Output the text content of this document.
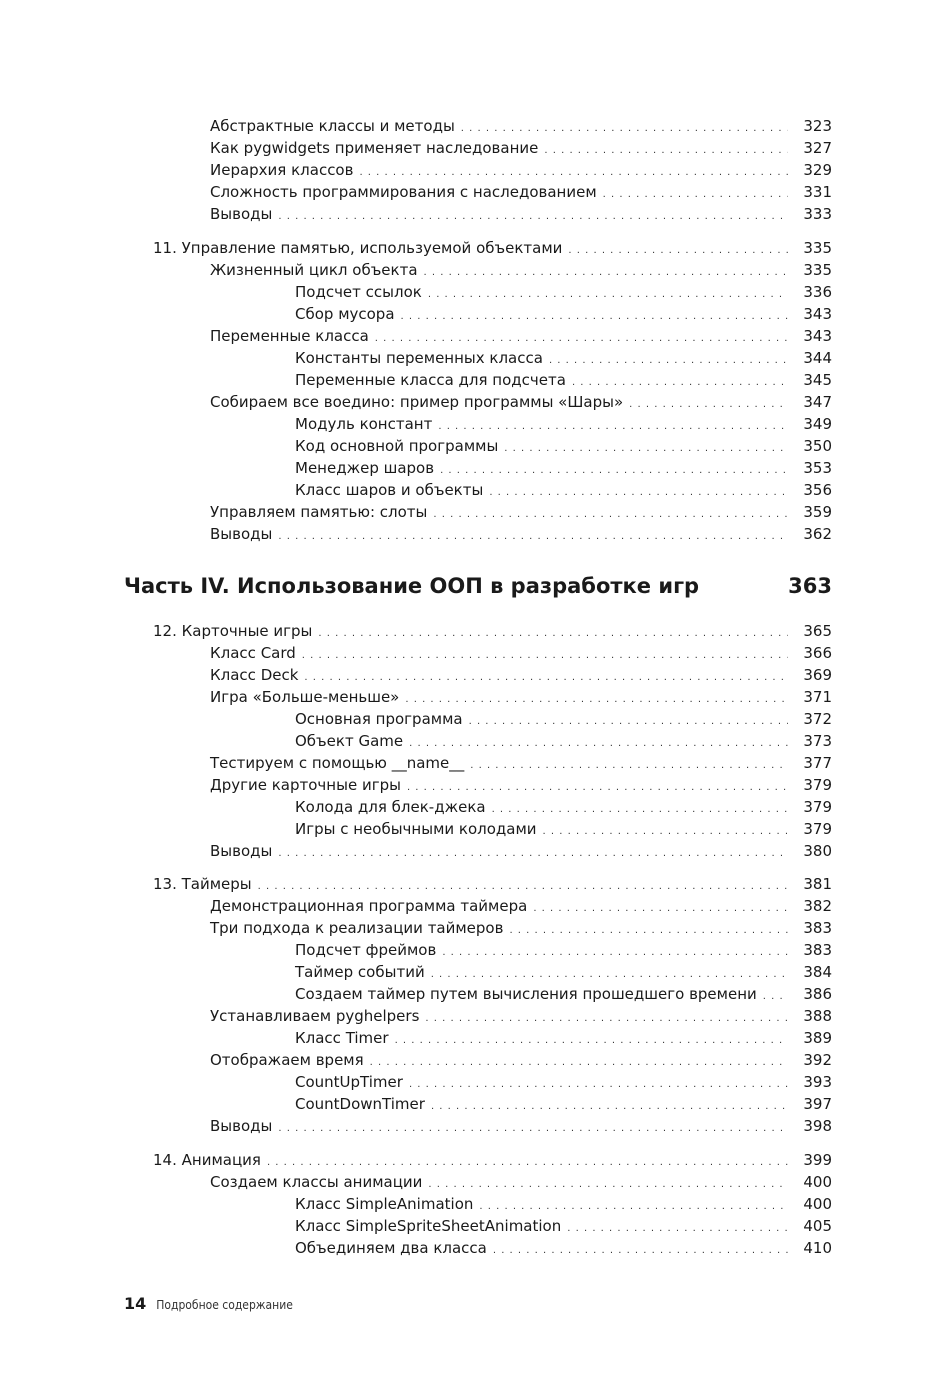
Абстрактные классы и методы . . .	323
Как pygwidgets применяет наследование . . .	327
Иерархия классов . . .	329
Сложность программирования с наследованием . . .	331
Выводы . . .	333
11. Управление памятью, используемой объектами . . .	335
Жизненный цикл объекта . . .	335
Подсчет ссылок . . .	336
Сбор мусора . . .	343
Переменные класса . . .	343
Константы переменных класса . . .	344
Переменные класса для подсчета . . .	345
Собираем все воедино: пример программы «Шары» . . .	347
Модуль констант . . .	349
Код основной программы . . .	350
Менеджер шаров . . .	353
Класс шаров и объекты . . .	356
Управляем памятью: слоты . . .	359
Выводы . . .	362
Часть IV. Использование ООП в разработке игр	363
12. Карточные игры . . .	365
Класс Card . . .	366
Класс Deck . . .	369
Игра «Больше-меньше» . . .	371
Основная программа . . .	372
Объект Game . . .	373
Тестируем с помощью __name__ . . .	377
Другие карточные игры . . .	379
Колода для блек-джека . . .	379
Игры с необычными колодами . . .	379
Выводы . . .	380
13. Таймеры . . .	381
Демонстрационная программа таймера . . .	382
Три подхода к реализации таймеров . . .	383
Подсчет фреймов . . .	383
Таймер событий . . .	384
Создаем таймер путем вычисления прошедшего времени . . .	386
Устанавливаем pyghelpers . . .	388
Класс Timer . . .	389
Отображаем время . . .	392
CountUpTimer . . .	393
CountDownTimer . . .	397
Выводы . . .	398
14. Анимация . . .	399
Создаем классы анимации . . .	400
Класс SimpleAnimation . . .	400
Класс SimpleSpriteSheetAnimation . . .	405
Объединяем два класса . . .	410
14 Подробное содержание
